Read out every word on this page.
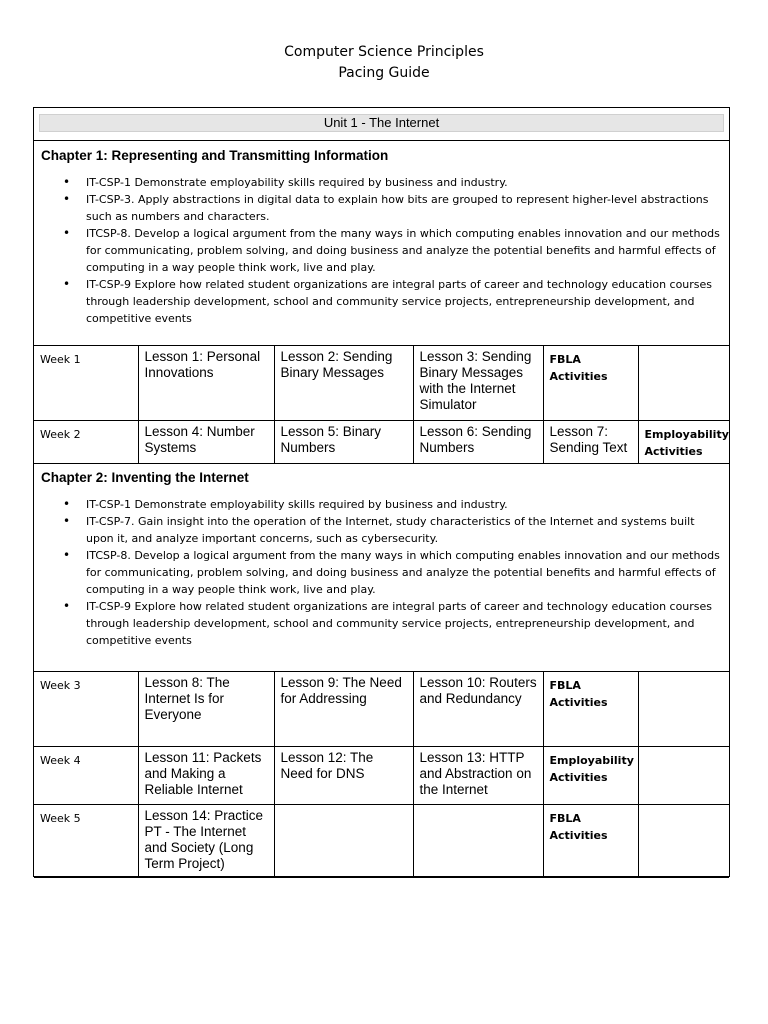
Computer Science Principles
Pacing Guide
Unit 1 - The Internet
Chapter 1: Representing and Transmitting Information
• IT-CSP-1 Demonstrate employability skills required by business and industry.
• IT-CSP-3. Apply abstractions in digital data to explain how bits are grouped to represent higher-level abstractions such as numbers and characters.
• ITCSP-8. Develop a logical argument from the many ways in which computing enables innovation and our methods for communicating, problem solving, and doing business and analyze the potential benefits and harmful effects of computing in a way people think work, live and play.
• IT-CSP-9 Explore how related student organizations are integral parts of career and technology education courses through leadership development, school and community service projects, entrepreneurship development, and competitive events
Week 1	Lesson 1: Personal Innovations	Lesson 2: Sending Binary Messages	Lesson 3: Sending Binary Messages with the Internet Simulator	FBLA Activities	
Week 2	Lesson 4: Number Systems	Lesson 5: Binary Numbers	Lesson 6: Sending Numbers	Lesson 7: Sending Text	Employability Activities
Chapter 2: Inventing the Internet
• IT-CSP-1 Demonstrate employability skills required by business and industry.
• IT-CSP-7. Gain insight into the operation of the Internet, study characteristics of the Internet and systems built upon it, and analyze important concerns, such as cybersecurity.
• ITCSP-8. Develop a logical argument from the many ways in which computing enables innovation and our methods for communicating, problem solving, and doing business and analyze the potential benefits and harmful effects of computing in a way people think work, live and play.
• IT-CSP-9 Explore how related student organizations are integral parts of career and technology education courses through leadership development, school and community service projects, entrepreneurship development, and competitive events
Week 3	Lesson 8: The Internet Is for Everyone	Lesson 9: The Need for Addressing	Lesson 10: Routers and Redundancy	FBLA Activities	
Week 4	Lesson 11: Packets and Making a Reliable Internet	Lesson 12: The Need for DNS	Lesson 13: HTTP and Abstraction on the Internet	Employability Activities	
Week 5	Lesson 14: Practice PT - The Internet and Society (Long Term Project)			FBLA Activities	
